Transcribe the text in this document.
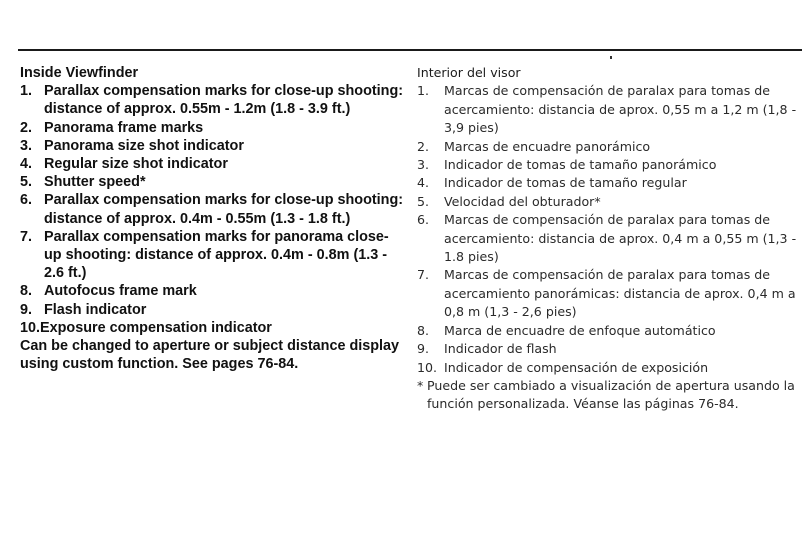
Inside Viewfinder

1. Parallax compensation marks for close-up shooting: distance of approx. 0.55m - 1.2m (1.8 - 3.9 ft.)
2. Panorama frame marks
3. Panorama size shot indicator
4. Regular size shot indicator
5. Shutter speed*
6. Parallax compensation marks for close-up shooting: distance of approx. 0.4m - 0.55m (1.3 - 1.8 ft.)
7. Parallax compensation marks for panorama close-up shooting: distance of approx. 0.4m - 0.8m (1.3 - 2.6 ft.)
8. Autofocus frame mark
9. Flash indicator
10. Exposure compensation indicator

Can be changed to aperture or subject distance display using custom function. See pages 76-84.

Interior del visor

1.	Marcas de compensación de paralax para tomas de acercamiento: distancia de aprox. 0,55 m a 1,2 m (1,8 - 3,9 pies)
2.	Marcas de encuadre panorámico
3.	Indicador de tomas de tamaño panorámico
4.	Indicador de tomas de tamaño regular
5.	Velocidad del obturador*
6.	Marcas de compensación de paralax para tomas de acercamiento: distancia de aprox. 0,4 m a 0,55 m (1,3 - 1.8 pies)
7.	Marcas de compensación de paralax para tomas de acercamiento panorámicas: distancia de aprox. 0,4 m a 0,8 m (1,3 - 2,6 pies)
8.	Marca de encuadre de enfoque automático
9.	Indicador de flash
10. Indicador de compensación de exposición
* Puede ser cambiado a visualización de apertura usando la función personalizada. Véanse las páginas 76-84.
